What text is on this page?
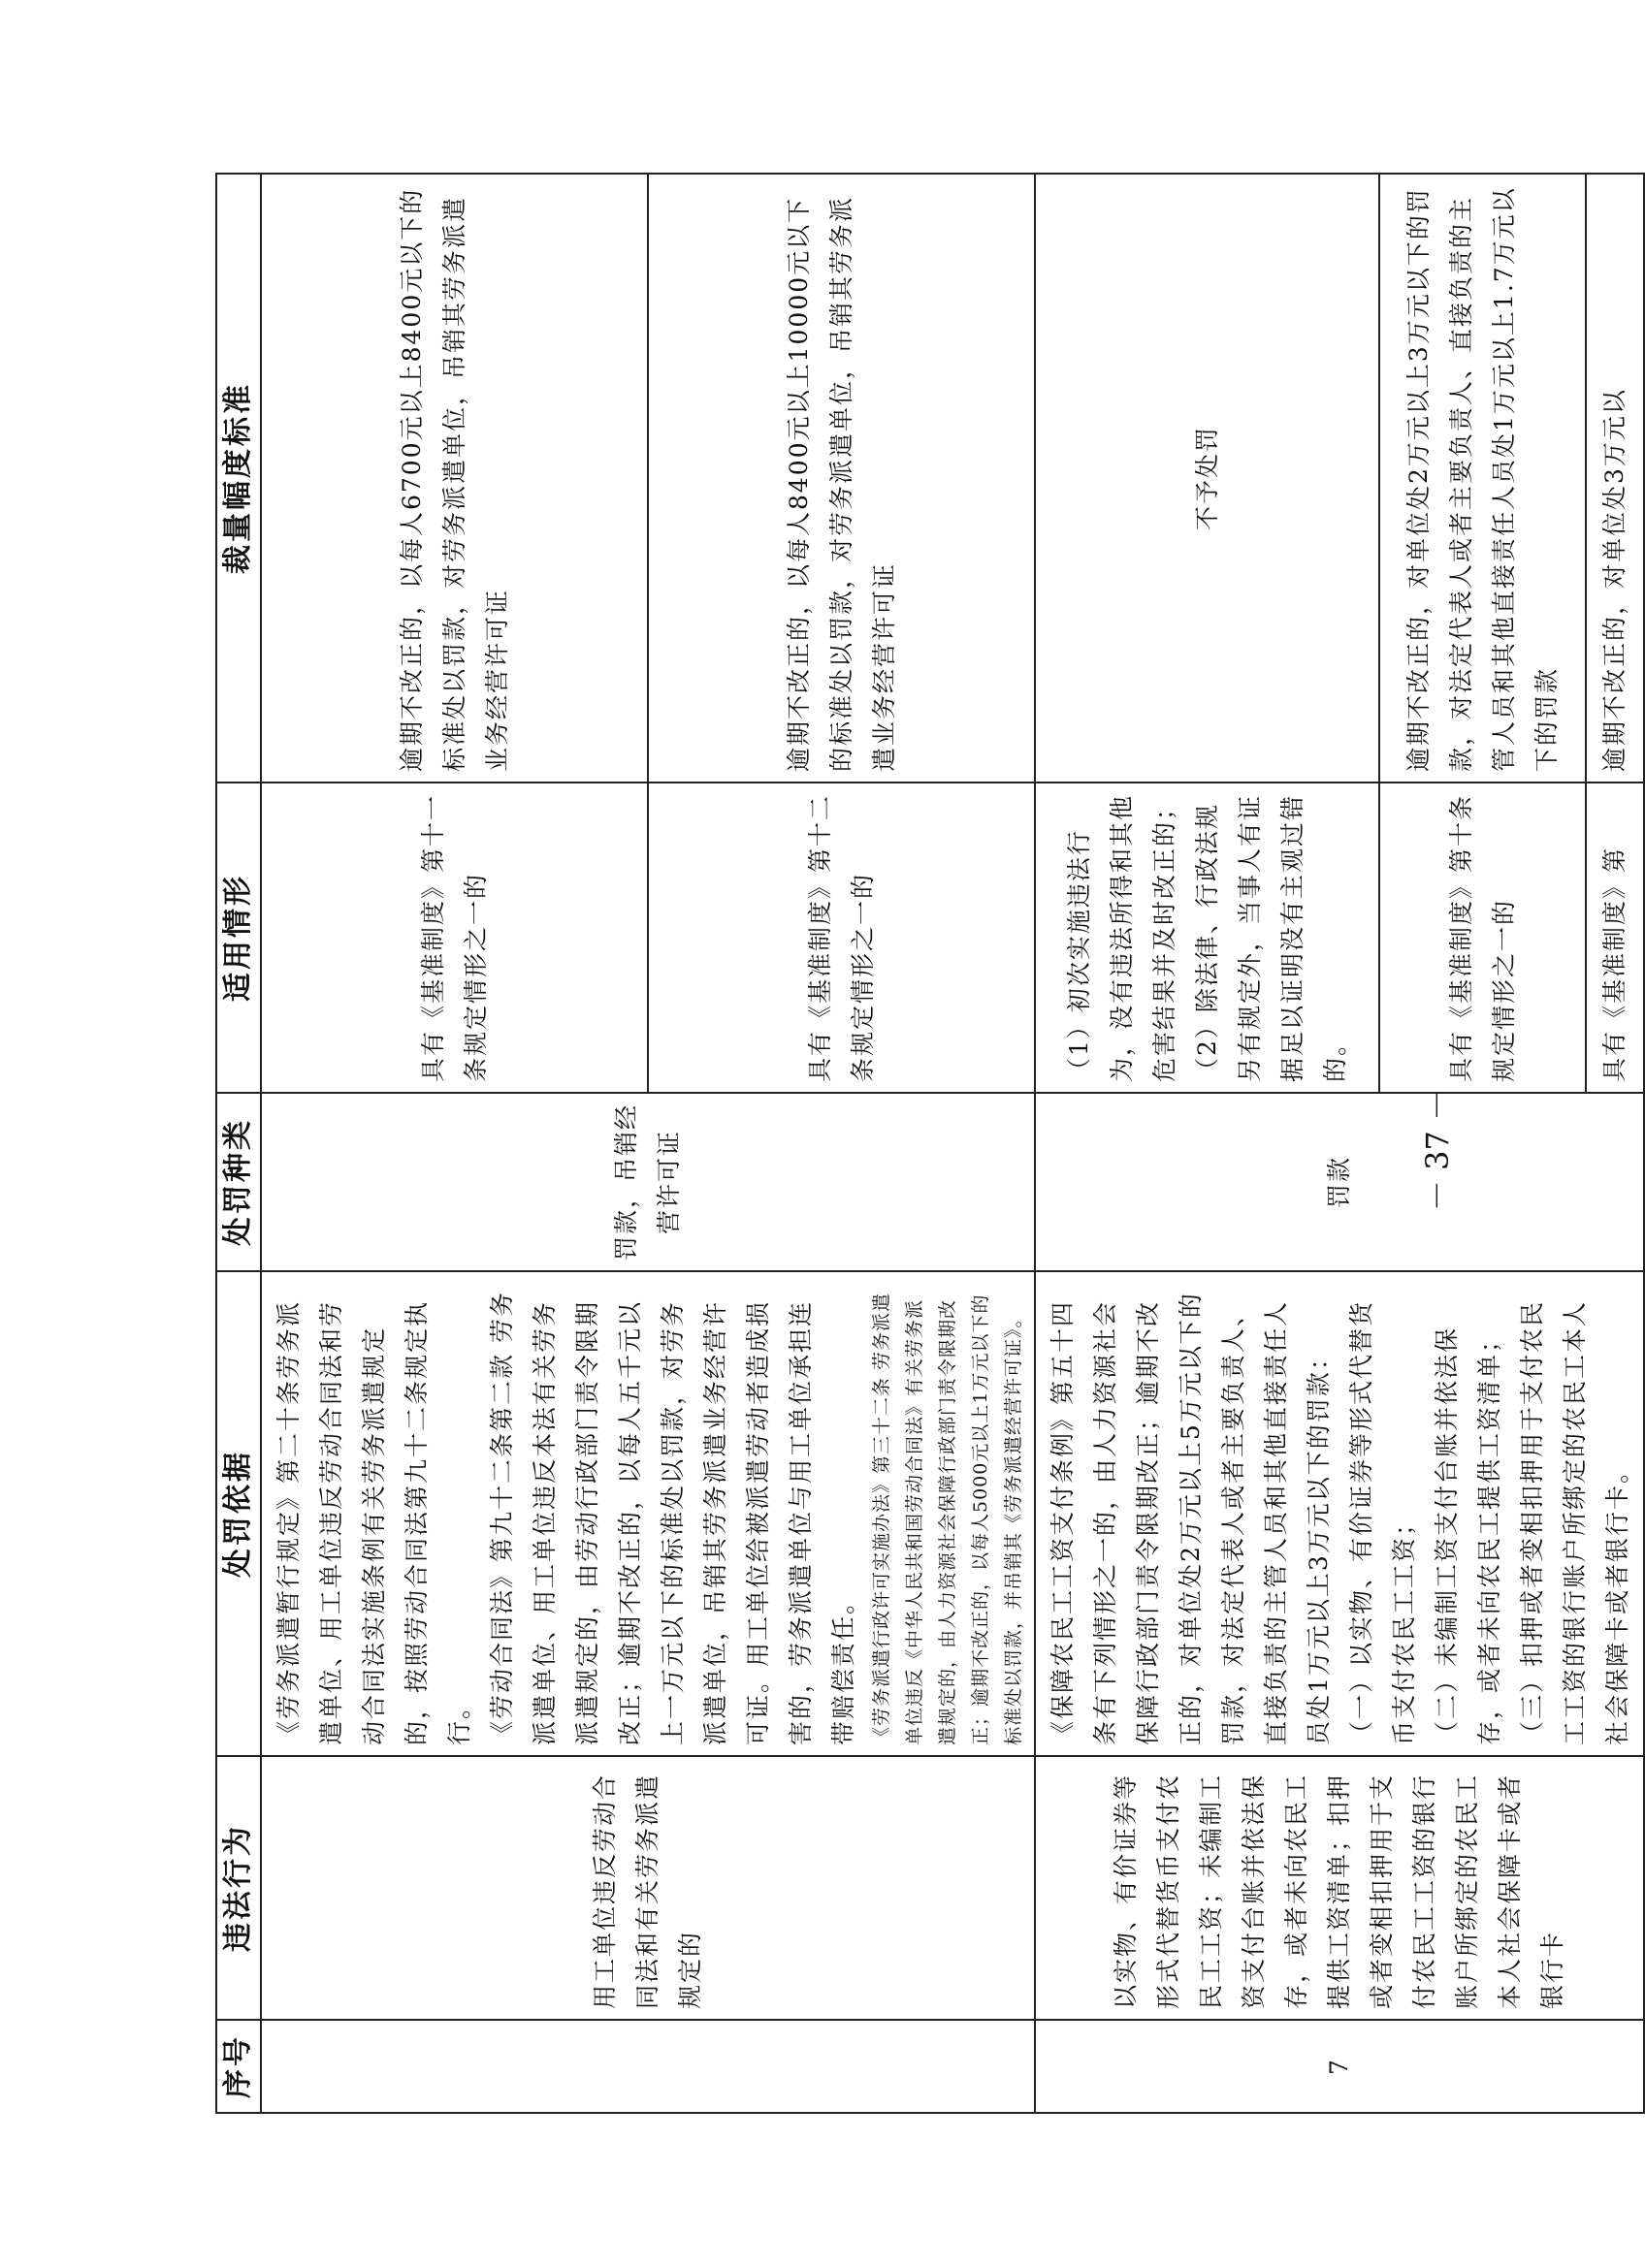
序号	违法行为	处罚依据	处罚种类	适用情形	裁量幅度标准
	用工单位违反劳动合同法和有关劳务派遣规定的	《劳务派遣暂行规定》第二十条劳务派遣单位、用工单位违反劳动合同法和劳动合同法实施条例有关劳务派遣规定的，按照劳动合同法第九十二条规定执行。 《劳动合同法》第九十二条第二款 劳务派遣单位、用工单位违反本法有关劳务派遣规定的，由劳动行政部门责令限期改正；逾期不改正的，以每人五千元以上一万元以下的标准处以罚款，对劳务派遣单位，吊销其劳务派遣业务经营许可证。用工单位给被派遣劳动者造成损害的，劳务派遣单位与用工单位承担连带赔偿责任。 《劳务派遣行政许可实施办法》第三十二条 劳务派遣单位违反《中华人民共和国劳动合同法》有关劳务派遣规定的，由人力资源社会保障行政部门责令限期改正；逾期不改正的，以每人5000元以上1万元以下的标准处以罚款，并吊销其《劳务派遣经营许可证》。	罚款，吊销经营许可证	具有《基准制度》第十一条规定情形之一的	逾期不改正的，以每人6700元以上8400元以下的标准处以罚款，对劳务派遣单位，吊销其劳务派遣业务经营许可证
				具有《基准制度》第十二条规定情形之一的	逾期不改正的，以每人8400元以上10000元以下的标准处以罚款，对劳务派遣单位，吊销其劳务派遣业务经营许可证
7	以实物、有价证券等形式代替货币支付农民工工资；未编制工资支付台账并依法保存，或者未向农民工提供工资清单；扣押或者变相扣押用于支付农民工工资的银行账户所绑定的农民工本人社会保障卡或者银行卡	《保障农民工工资支付条例》第五十四条有下列情形之一的，由人力资源社会保障行政部门责令限期改正；逾期不改正的，对单位处2万元以上5万元以下的罚款，对法定代表人或者主要负责人、直接负责的主管人员和其他直接责任人员处1万元以上3万元以下的罚款： （一）以实物、有价证券等形式代替货币支付农民工工资； （二）未编制工资支付台账并依法保存，或者未向农民工提供工资清单； （三）扣押或者变相扣押用于支付农民工工资的银行账户所绑定的农民工本人社会保障卡或者银行卡。	罚款	（1）初次实施违法行为，没有违法所得和其他危害结果并及时改正的；（2）除法律、行政法规另有规定外，当事人有证据足以证明没有主观过错的。	不予处罚
				具有《基准制度》第十条规定情形之一的	逾期不改正的，对单位处2万元以上3万元以下的罚款，对法定代表人或者主要负责人、直接负责的主管人员和其他直接责任人员处1万元以上1.7万元以下的罚款
				具有《基准制度》第	逾期不改正的，对单位处3万元以
－ 37 －
